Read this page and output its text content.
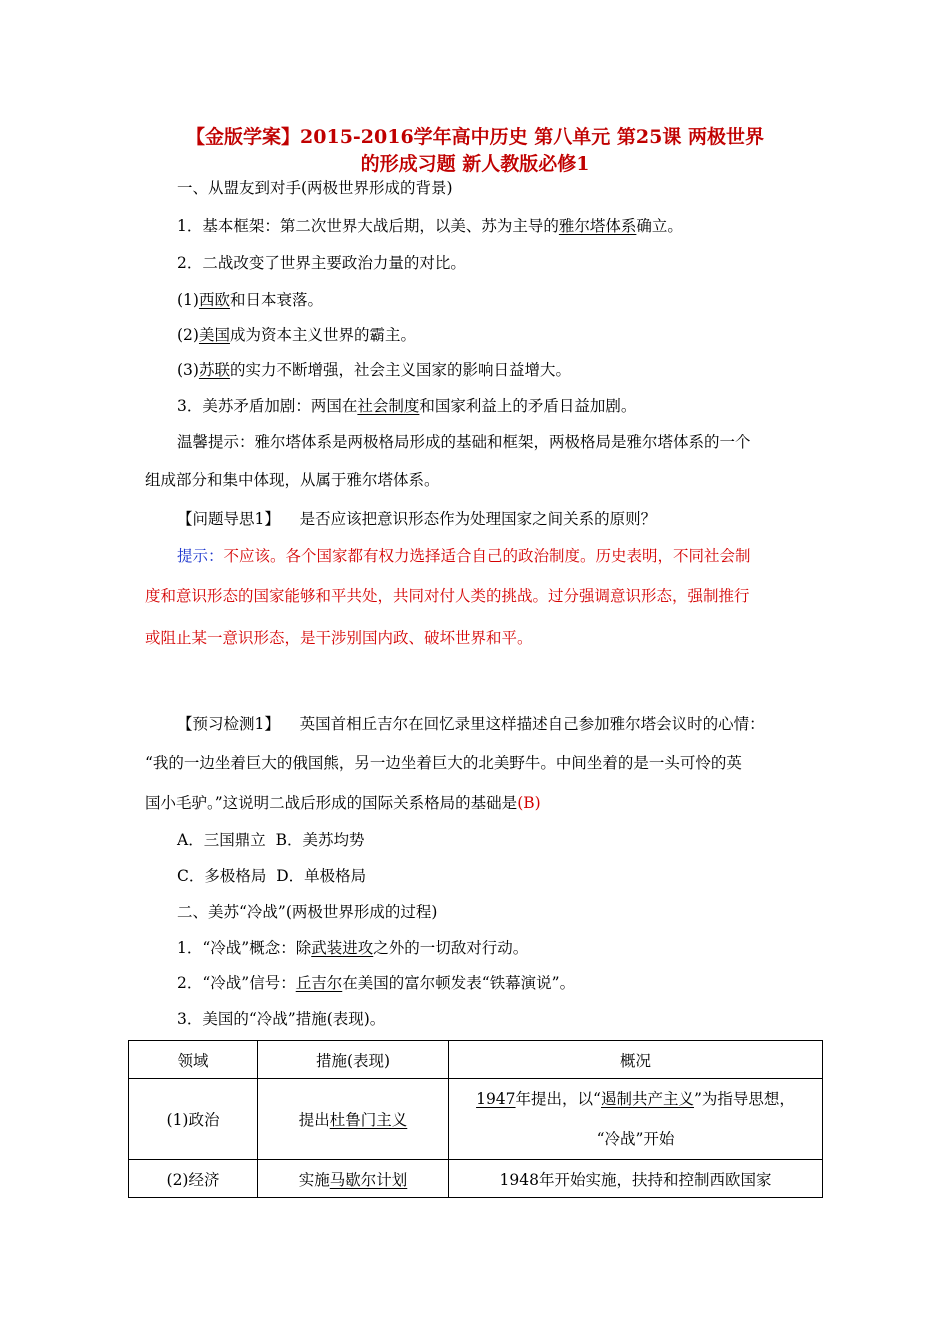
【金版学案】2015-2016学年高中历史 第八单元 第25课 两极世界
的形成习题 新人教版必修1
一、从盟友到对手(两极世界形成的背景)
1．基本框架：第二次世界大战后期，以美、苏为主导的雅尔塔体系确立。
2．二战改变了世界主要政治力量的对比。
(1)西欧和日本衰落。
(2)美国成为资本主义世界的霸主。
(3)苏联的实力不断增强，社会主义国家的影响日益增大。
3．美苏矛盾加剧：两国在社会制度和国家利益上的矛盾日益加剧。
温馨提示：雅尔塔体系是两极格局形成的基础和框架，两极格局是雅尔塔体系的一个
组成部分和集中体现，从属于雅尔塔体系。
【问题导思1】 是否应该把意识形态作为处理国家之间关系的原则？
提示：不应该。各个国家都有权力选择适合自己的政治制度。历史表明，不同社会制
度和意识形态的国家能够和平共处，共同对付人类的挑战。过分强调意识形态，强制推行
或阻止某一意识形态，是干涉别国内政、破坏世界和平。
【预习检测1】 英国首相丘吉尔在回忆录里这样描述自己参加雅尔塔会议时的心情：
“我的一边坐着巨大的俄国熊，另一边坐着巨大的北美野牛。中间坐着的是一头可怜的英
国小毛驴。”这说明二战后形成的国际关系格局的基础是(B)
A．三国鼎立 B．美苏均势
C．多极格局 D．单极格局
二、美苏“冷战”(两极世界形成的过程)
1．“冷战”概念：除武装进攻之外的一切敌对行动。
2．“冷战”信号：丘吉尔在美国的富尔顿发表“铁幕演说”。
3．美国的“冷战”措施(表现)。
领域	措施(表现)	概况
(1)政治	提出杜鲁门主义	1947年提出，以“遏制共产主义”为指导思想，
“冷战”开始

(2)经济	实施马歇尔计划	1948年开始实施，扶持和控制西欧国家
